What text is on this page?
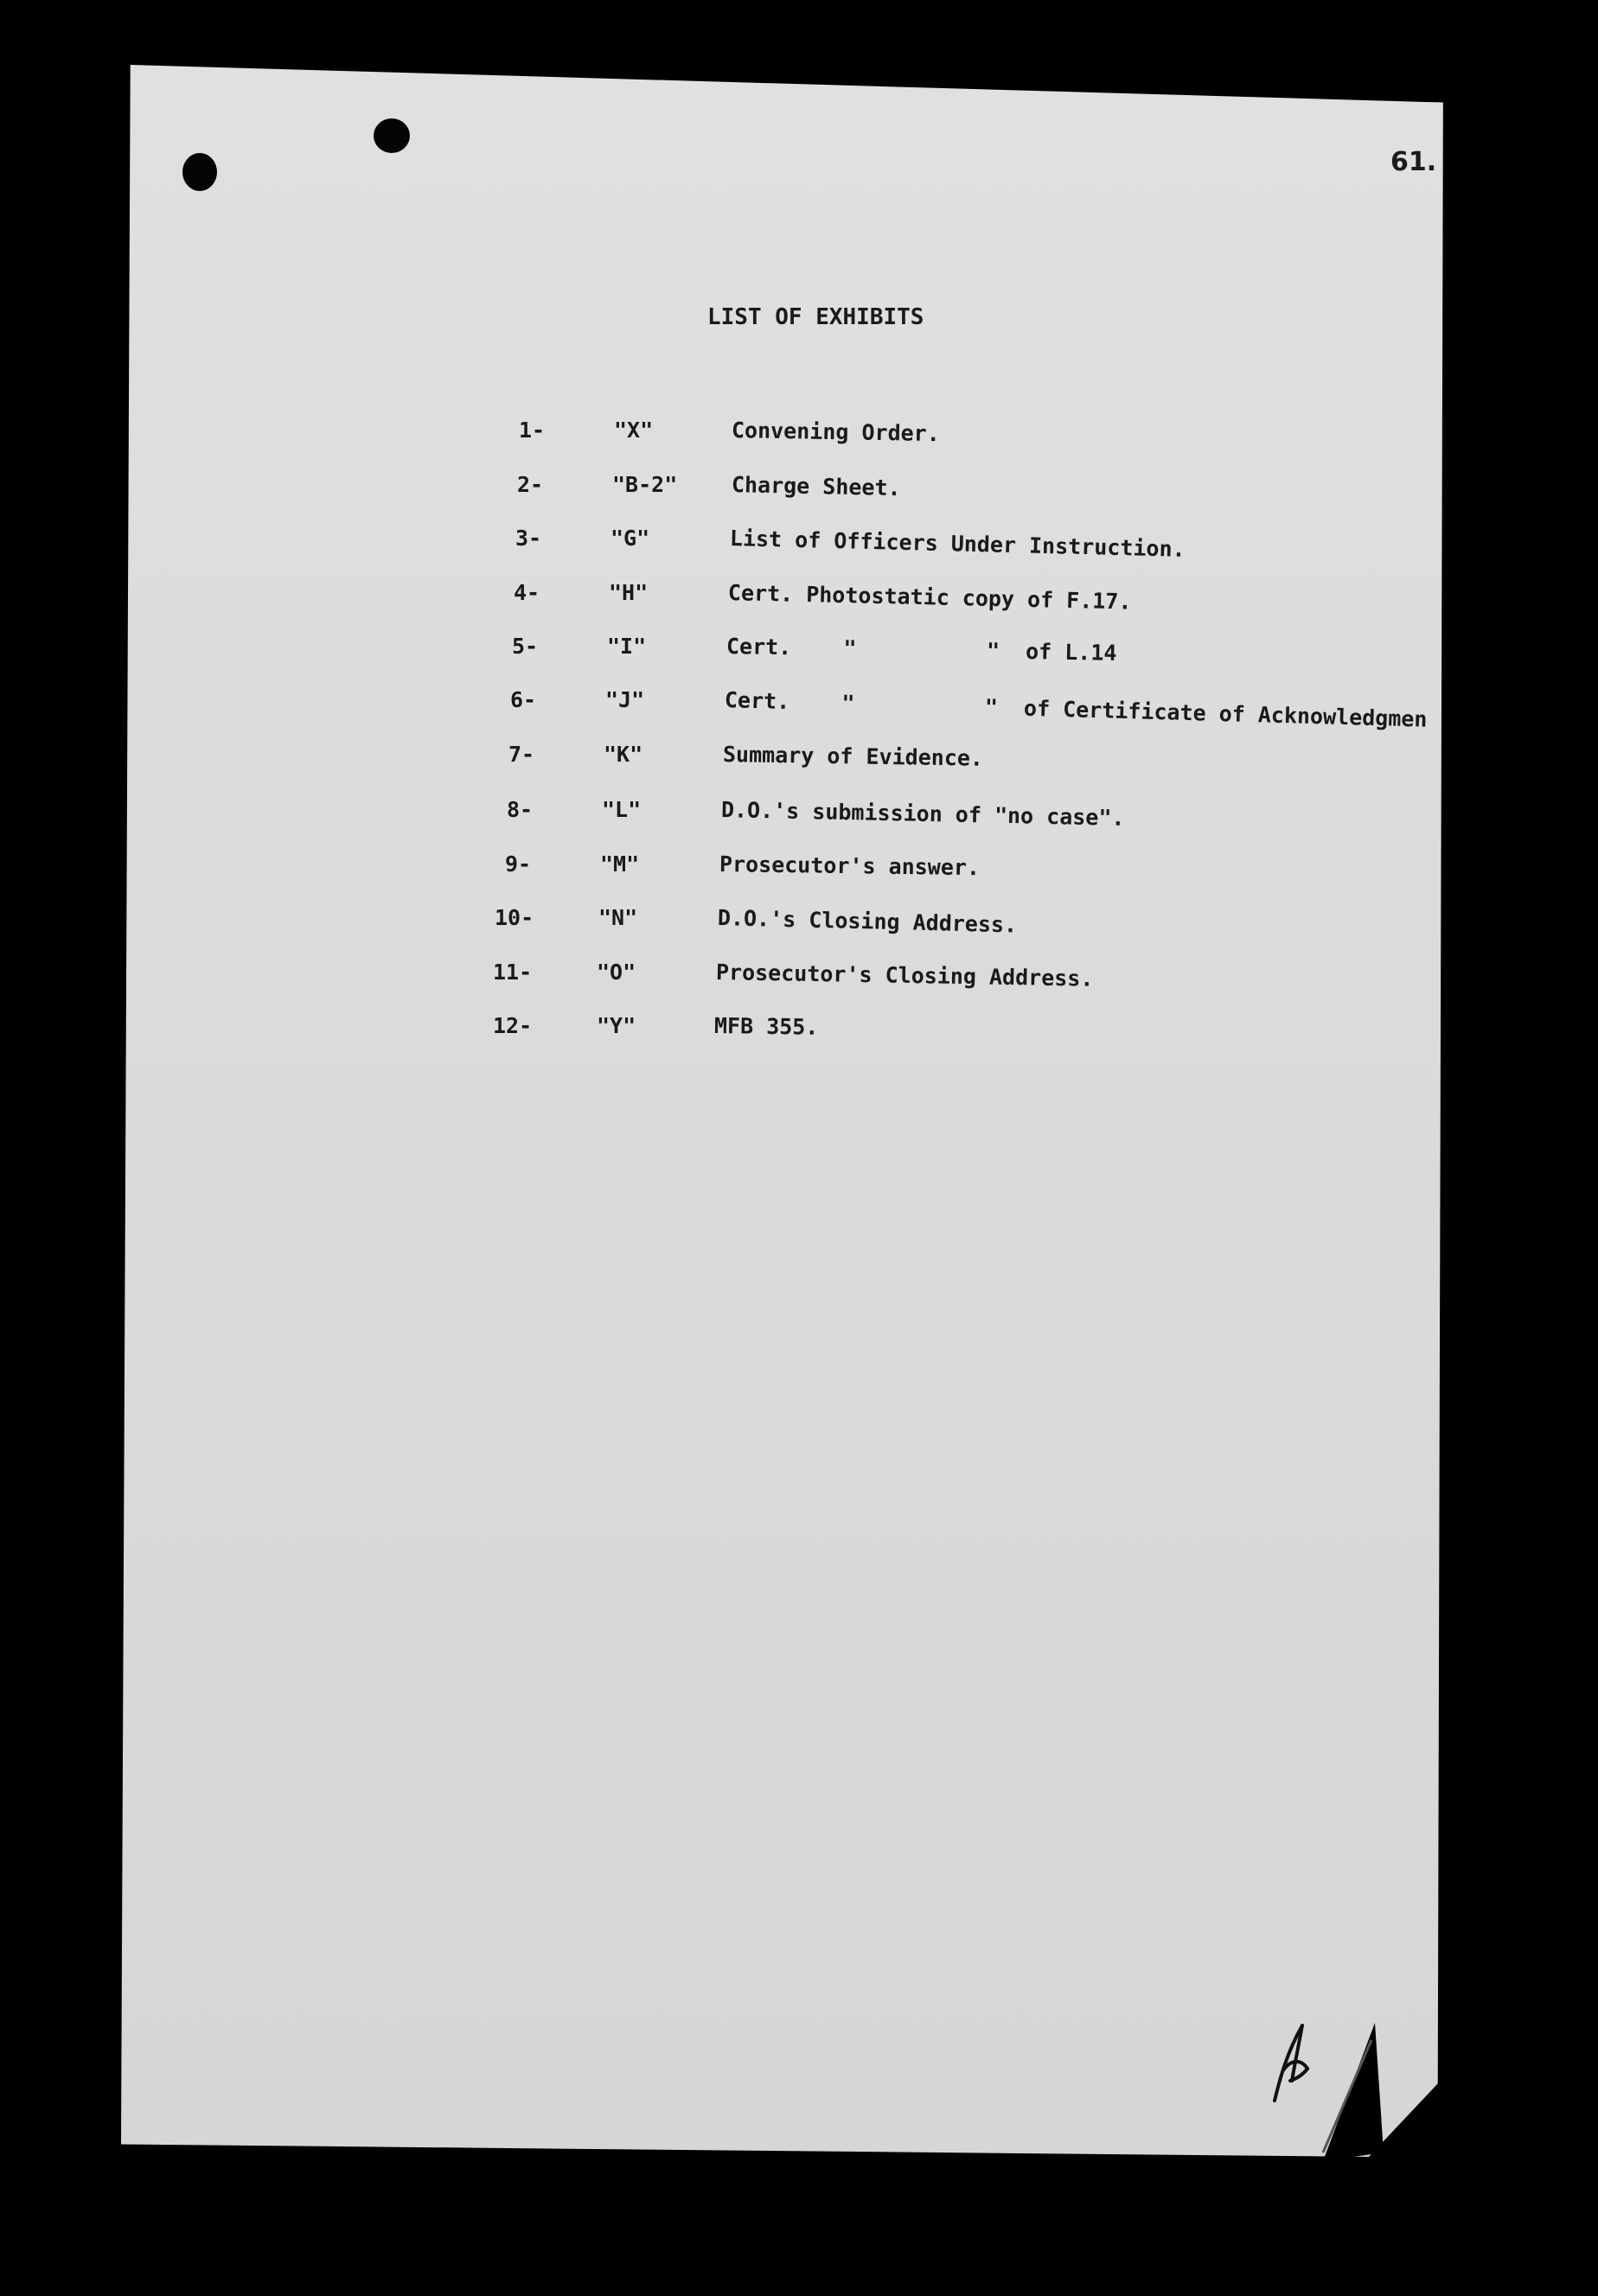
61.
LIST OF EXHIBITS
1-	"X"	Convening Order.
2-	"B-2" Charge Sheet.
3-	"G"	List of Officers Under Instruction.
4-	"H"	Cert. Photostatic copy of F.17.
5-	"I"	Cert.    "          "  of L.14
6-	"J"	Cert.    "          "  of Certificate of Acknowledgmen
7-	"K"	Summary of Evidence.
8-	"L"	D.O.'s submission of "no case".
9-	"M"	Prosecutor's answer.
10-	"N"	D.O.'s Closing Address.
11-	"O"	Prosecutor's Closing Address.
12-	"Y"	MFB 355.
